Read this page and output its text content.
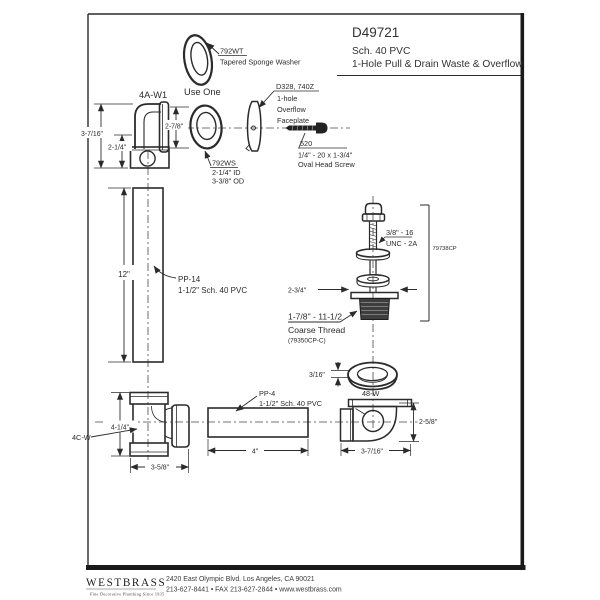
D49721
Sch. 40 PVC
1-Hole Pull & Drain Waste & Overflow
792WT
Tapered Sponge Washer
Use One
4A-W1
3-7/16"
2-1/4"
2-7/8"
792WS
2-1/4" ID
3-3/8" OD
D328, 740Z
1-hole
Overflow
Faceplate
520
1/4" - 20 x 1-3/4"
Oval Head Screw
3/8" - 16
UNC - 2A
2-3/4"
1-7/8" - 11-1/2
Coarse Thread
(79350CP-C)
79738CP
3/16"
12"
PP-14
1-1/2" Sch. 40 PVC
4-1/4"
4C-W
3-5/8"
PP-4
1-1/2" Sch. 40 PVC
4"
48-W
2-5/8"
3-7/16"
WESTBRASS
Fine Decorative Plumbing Since 1935
2420 East Olympic Blvd. Los Angeles, CA 90021
213-627-8441 • FAX 213-627-2844 • www.westbrass.com
